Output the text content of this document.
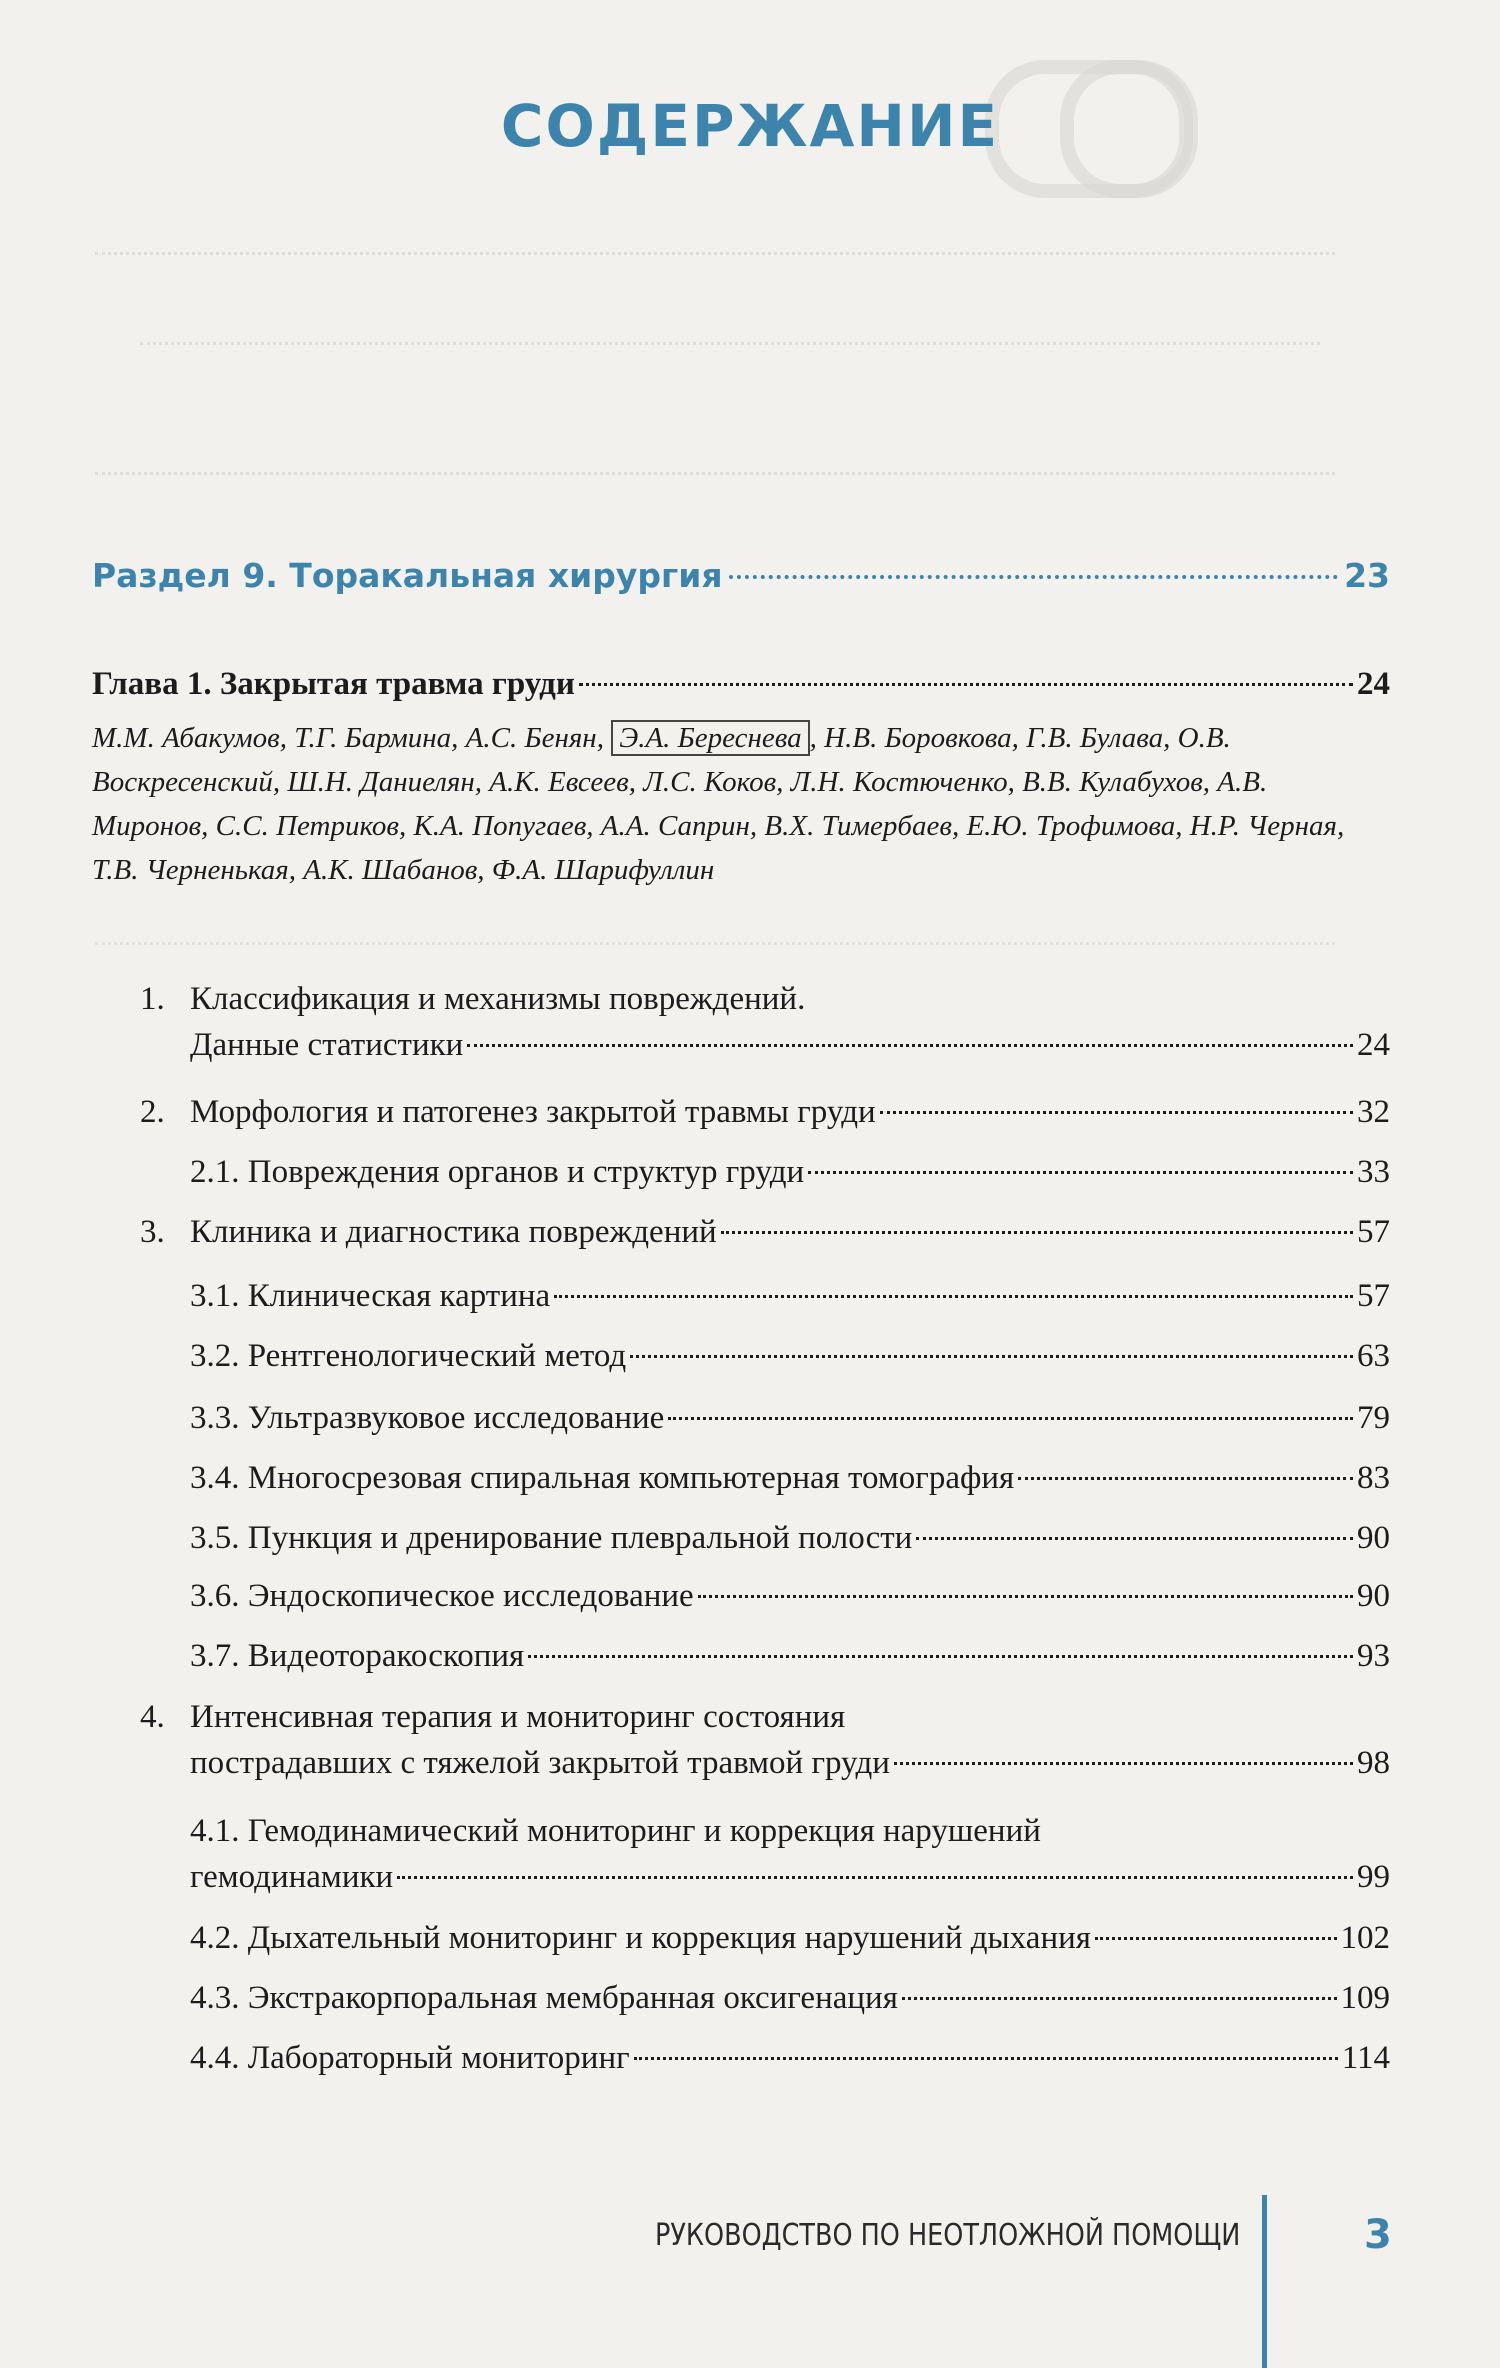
СОДЕРЖАНИЕ
Раздел 9. Торакальная хирургия	23
Глава 1. Закрытая травма груди	24
М.М. Абакумов, Т.Г. Бармина, А.С. Бенян, Э.А. Береснева , Н.В. Боровкова, Г.В. Булава, О.В. Воскресенский, Ш.Н. Даниелян, А.К. Евсеев, Л.С. Коков, Л.Н. Костюченко, В.В. Кулабухов, А.В. Миронов, С.С. Петриков, К.А. Попугаев, А.А. Саприн, В.Х. Тимербаев, Е.Ю. Трофимова, Н.Р. Черная, Т.В. Черненькая, А.К. Шабанов, Ф.А. Шарифуллин
1. Классификация и механизмы повреждений.
Данные статистики	24
2. Морфология и патогенез закрытой травмы груди	32
2.1. Повреждения органов и структур груди	33
3. Клиника и диагностика повреждений	57
3.1. Клиническая картина	57
3.2. Рентгенологический метод	63
3.3. Ультразвуковое исследование	79
3.4. Многосрезовая спиральная компьютерная томография	83
3.5. Пункция и дренирование плевральной полости	90
3.6. Эндоскопическое исследование	90
3.7. Видеоторакоскопия	93
4. Интенсивная терапия и мониторинг состояния
пострадавших с тяжелой закрытой травмой груди	98
4.1. Гемодинамический мониторинг и коррекция нарушений
гемодинамики	99
4.2. Дыхательный мониторинг и коррекция нарушений дыхания	102
4.3. Экстракорпоральная мембранная оксигенация	109
4.4. Лабораторный мониторинг	114
РУКОВОДСТВО ПО НЕОТЛОЖНОЙ ПОМОЩИ	3
